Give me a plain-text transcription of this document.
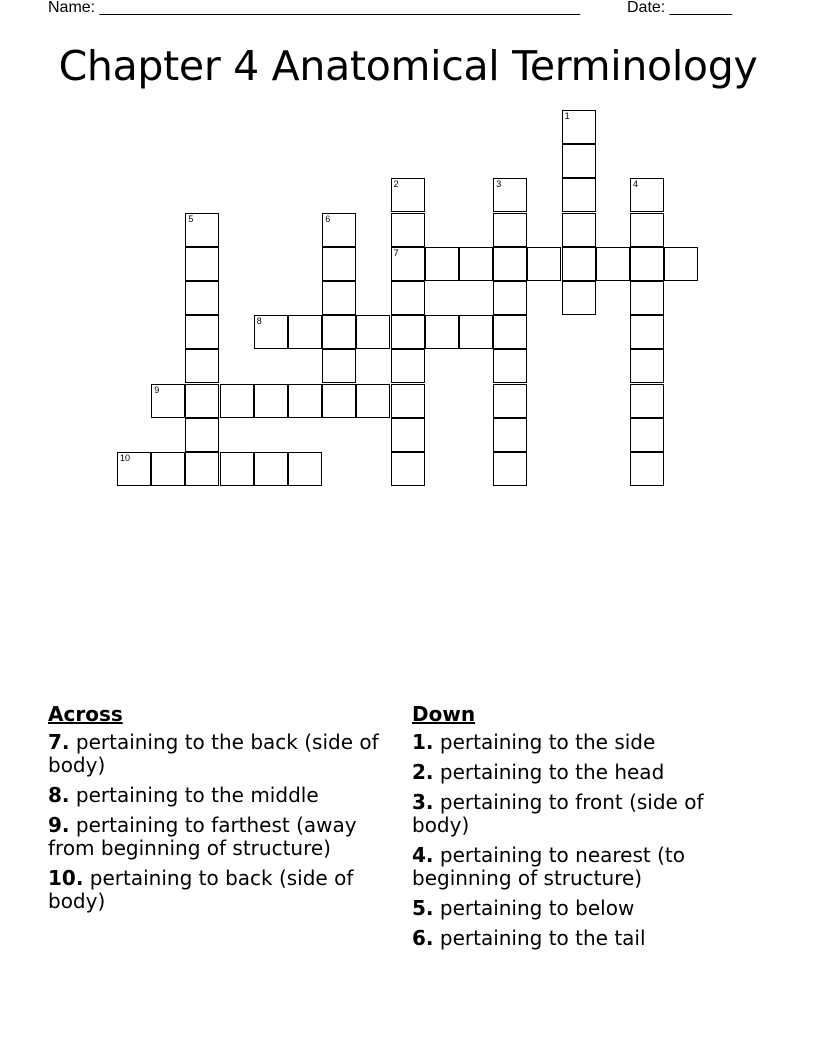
Name: ______________________________________________________	Date: _______
Chapter 4 Anatomical Terminology
1
2
7
3	4
5	6
8
9
10
Across
7. pertaining to the back (side of body)
8. pertaining to the middle
9. pertaining to farthest (away from beginning of structure)
10. pertaining to back (side of body)
Down
1. pertaining to the side
2. pertaining to the head
3. pertaining to front (side of body)
4. pertaining to nearest (to beginning of structure)
5. pertaining to below
6. pertaining to the tail
